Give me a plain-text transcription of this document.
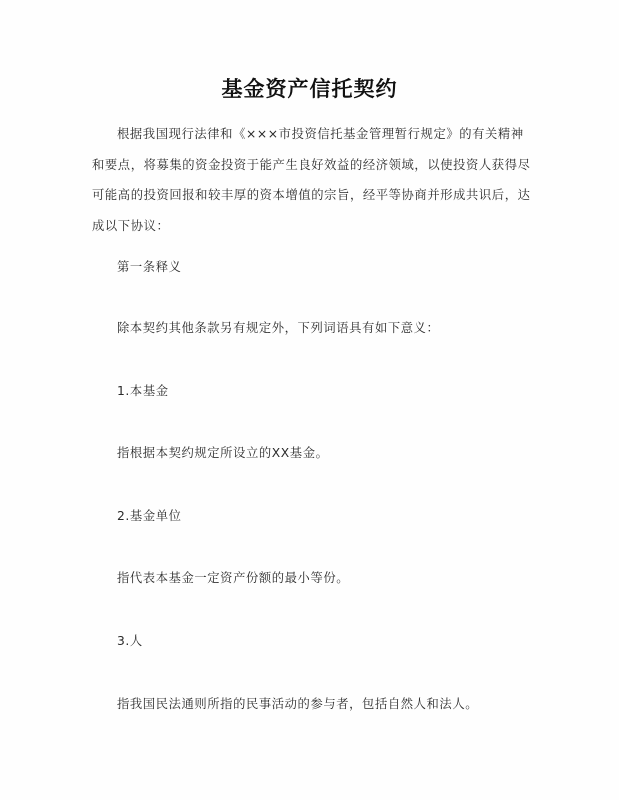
基金资产信托契约
根据我国现行法律和《×××市投资信托基金管理暂行规定》的有关精神和要点，将募集的资金投资于能产生良好效益的经济领域，以使投资人获得尽可能高的投资回报和较丰厚的资本增值的宗旨，经平等协商并形成共识后，达成以下协议：
第一条释义
除本契约其他条款另有规定外，下列词语具有如下意义：
1.本基金
指根据本契约规定所设立的XX基金。
2.基金单位
指代表本基金一定资产份额的最小等份。
3.人
指我国民法通则所指的民事活动的参与者，包括自然人和法人。
